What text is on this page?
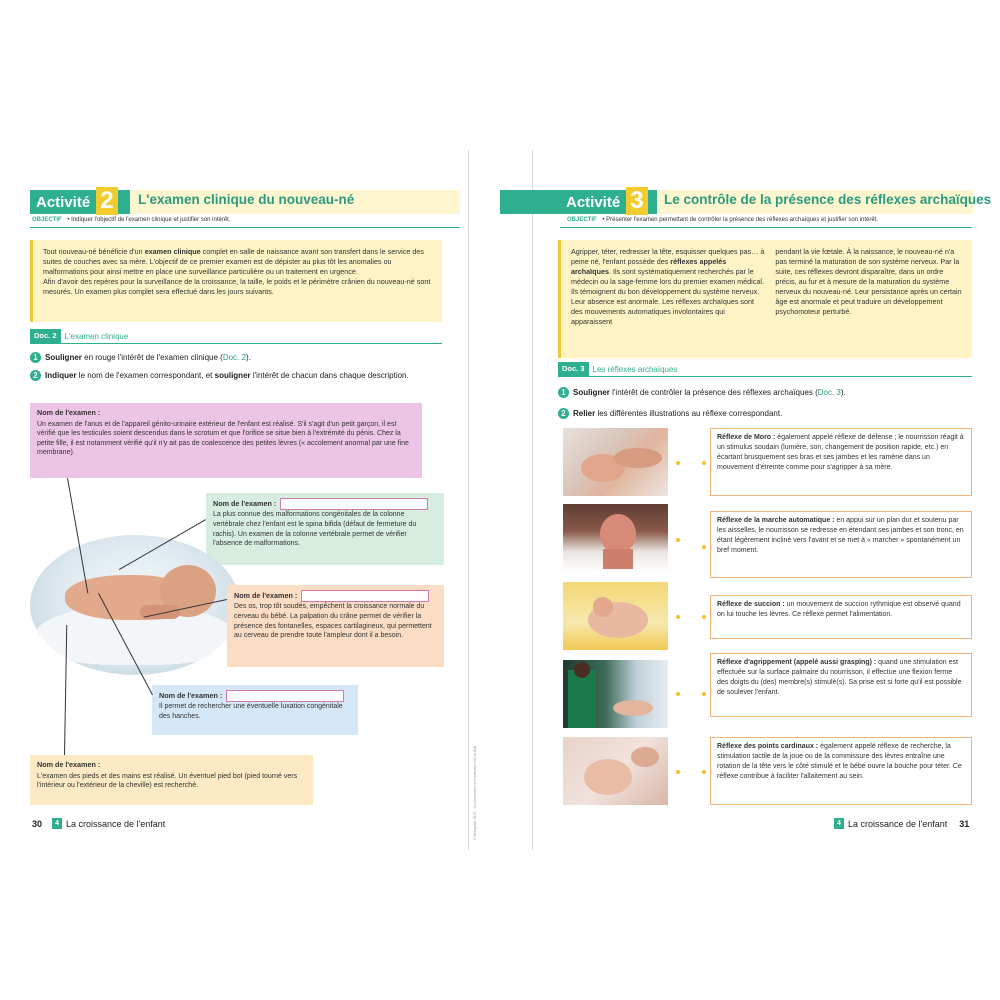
Activité 2 L'examen clinique du nouveau-né
OBJECTIF • Indiquer l'objectif de l'examen clinique et justifier son intérêt.
Tout nouveau-né bénéficie d'un examen clinique complet en salle de naissance avant son transfert dans le service des suites de couches avec sa mère. L'objectif de ce premier examen est de dépister au plus tôt les anomalies ou malformations pour ainsi mettre en place une surveillance particulière ou un traitement en urgence.
Afin d'avoir des repères pour la surveillance de la croissance, la taille, le poids et le périmètre crânien du nouveau-né sont mesurés. Un examen plus complet sera effectué dans les jours suivants.
Doc. 2	L'examen clinique
1 Souligner en rouge l'intérêt de l'examen clinique (Doc. 2).
2 Indiquer le nom de l'examen correspondant, et souligner l'intérêt de chacun dans chaque description.
Nom de l'examen :
Un examen de l'anus et de l'appareil génito-urinaire extérieur de l'enfant est réalisé. S'il s'agit d'un petit garçon, il est vérifié que les testicules soient descendus dans le scrotum et que l'orifice se situe bien à l'extrémité du pénis. Chez la petite fille, il est notamment vérifié qu'il n'y ait pas de coalescence des petites lèvres (« accolement anormal par une fine membrane).
Nom de l'examen :
La plus connue des malformations congénitales de la colonne vertébrale chez l'enfant est le spina bifida (défaut de fermeture du rachis). Un examen de la colonne vertébrale permet de vérifier l'absence de malformations.
Nom de l'examen :
Des os, trop tôt soudés, empêchent la croissance normale du cerveau du bébé. La palpation du crâne permet de vérifier la présence des fontanelles, espaces cartilagineux, qui permettent au cerveau de prendre toute l'ampleur dont il a besoin.
Nom de l'examen :
Il permet de rechercher une éventuelle luxation congénitale des hanches.
Nom de l'examen :
L'examen des pieds et des mains est réalisé. Un éventuel pied bot (pied tourné vers l'intérieur ou l'extérieur de la cheville) est recherché.
30	4 La croissance de l'enfant	© Delagrave 2019 – La photocopie non autorisée est un délit.
Activité 3 Le contrôle de la présence des réflexes archaïques
OBJECTIF • Présenter l'examen permettant de contrôler la présence des réflexes archaïques et justifier son intérêt.
Agripper, téter, redresser la tête, esquisser quelques pas… à peine né, l'enfant possède des réflexes appelés archaïques. Ils sont systématiquement recherchés par le médecin ou la sage-femme lors du premier examen médical. Ils témoignent du bon développement du système nerveux. Leur absence est anormale. Les réflexes archaïques sont des mouvements automatiques involontaires qui apparaissent
pendant la vie fœtale. À la naissance, le nouveau-né n'a pas terminé la maturation de son système nerveux. Par la suite, ces réflexes devront disparaître, dans un ordre précis, au fur et à mesure de la maturation du système nerveux du nouveau-né. Leur persistance après un certain âge est anormale et peut traduire un développement psychomoteur perturbé.
Doc. 3	Les réflexes archaïques
1 Souligner l'intérêt de contrôler la présence des réflexes archaïques (Doc. 3).
2 Relier les différentes illustrations au réflexe correspondant.
Réflexe de Moro : également appelé réflexe de défense ; le nourrisson réagit à un stimulus soudain (lumière, son, changement de position rapide, etc.) en écartant brusquement ses bras et ses jambes et les ramène dans un mouvement d'étreinte comme pour s'agripper à sa mère.
Réflexe de la marche automatique : en appui sur un plan dur et soutenu par les aisselles, le nourrisson se redresse en étendant ses jambes et son tronc, en étant légèrement incliné vers l'avant et se met à « marcher » spontanément un bref moment.
Réflexe de succion : un mouvement de succion rythmique est observé quand on lui touche les lèvres. Ce réflexe permet l'alimentation.
Réflexe d'agrippement (appelé aussi grasping) : quand une stimulation est effectuée sur la surface palmaire du nourrisson, il effectue une flexion ferme des doigts du (des) membre(s) stimulé(s). Sa prise est si forte qu'il est possible de soulever l'enfant.
Réflexe des points cardinaux : également appelé réflexe de recherche, la stimulation tactile de la joue ou de la commissure des lèvres entraîne une rotation de la tête vers le côté stimulé et le bébé ouvre la bouche pour téter. Ce réflexe contribue à faciliter l'allaitement au sein.
4 La croissance de l'enfant 31
